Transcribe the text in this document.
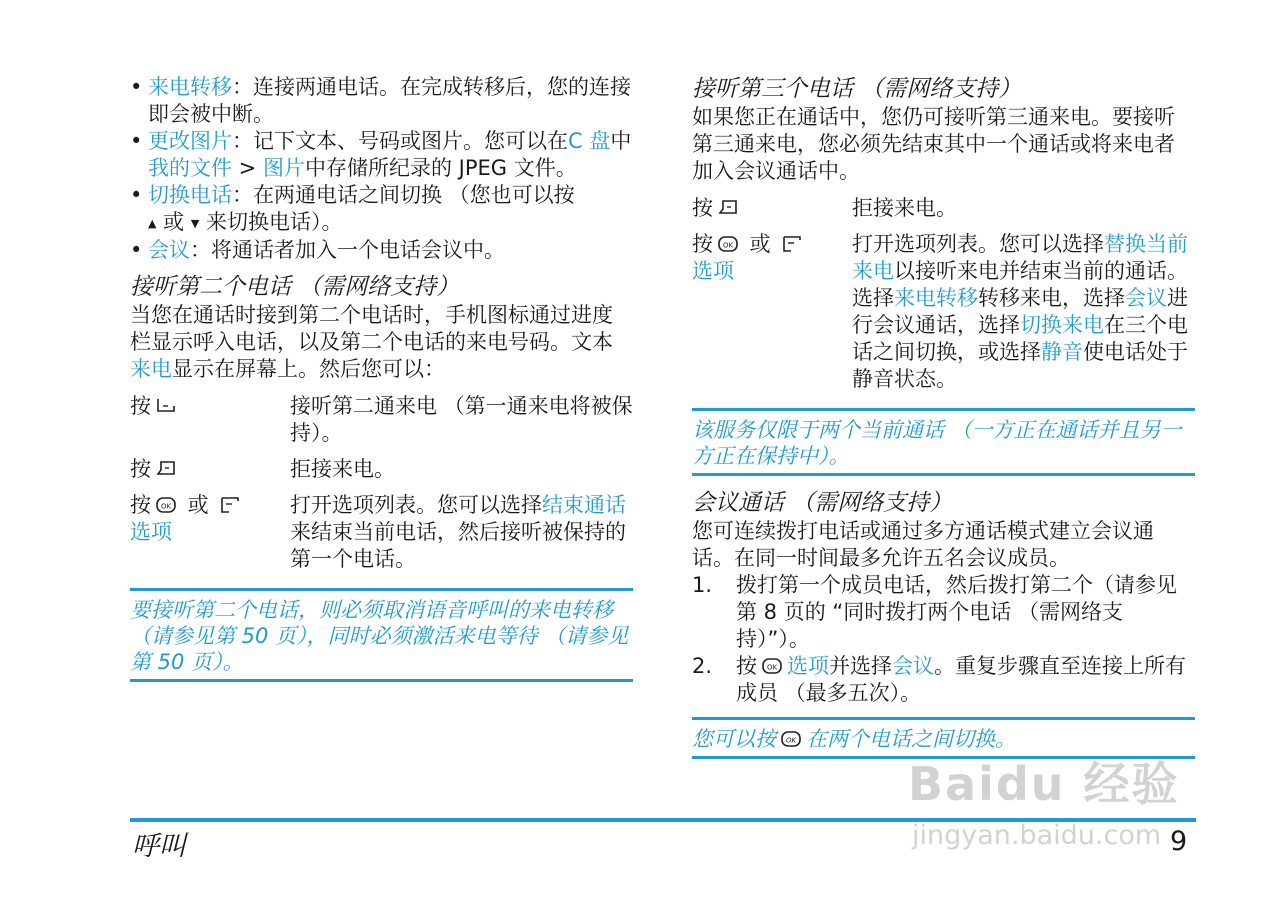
• 来电转移：连接两通电话。在完成转移后，您的连接即会被中断。
• 更改图片：记下文本、号码或图片。您可以在C 盘中我的文件 > 图片中存储所纪录的 JPEG 文件。
• 切换电话：在两通电话之间切换 （您也可以按
▲ 或 ▼ 来切换电话）。
• 会议：将通话者加入一个电话会议中。
接听第二个电话 （需网络支持）

当您在通话时接到第二个电话时，手机图标通过进度栏显示呼入电话，以及第二个电话的来电号码。文本来电显示在屏幕上。然后您可以：

按	接听第二通来电 （第一通来电将被保持）。
按	拒接来电。
按 或
选项	打开选项列表。您可以选择结束通话来结束当前电话，然后接听被保持的第一个电话。
要接听第二个电话，则必须取消语音呼叫的来电转移 （请参见第 50 页），同时必须激活来电等待 （请参见第 50 页）。
接听第三个电话 （需网络支持）

如果您正在通话中，您仍可接听第三通来电。要接听第三通来电，您必须先结束其中一个通话或将来电者加入会议通话中。

按	拒接来电。
按 或
选项	打开选项列表。您可以选择替换当前来电以接听来电并结束当前的通话。选择来电转移转移来电，选择会议进行会议通话，选择切换来电在三个电话之间切换，或选择静音使电话处于静音状态。
该服务仅限于两个当前通话 （一方正在通话并且另一方正在保持中）。
会议通话 （需网络支持）

您可连续拨打电话或通过多方通话模式建立会议通话。在同一时间最多允许五名会议成员。

1. 拨打第一个成员电话，然后拨打第二个（请参见第 8 页的 “同时拨打两个电话 （需网络支持）”）。
2. 按 选项并选择会议。重复步骤直至连接上所有成员 （最多五次）。
您可以按 在两个电话之间切换。
呼叫	9
Baidu 经验
jingyan.baidu.com
